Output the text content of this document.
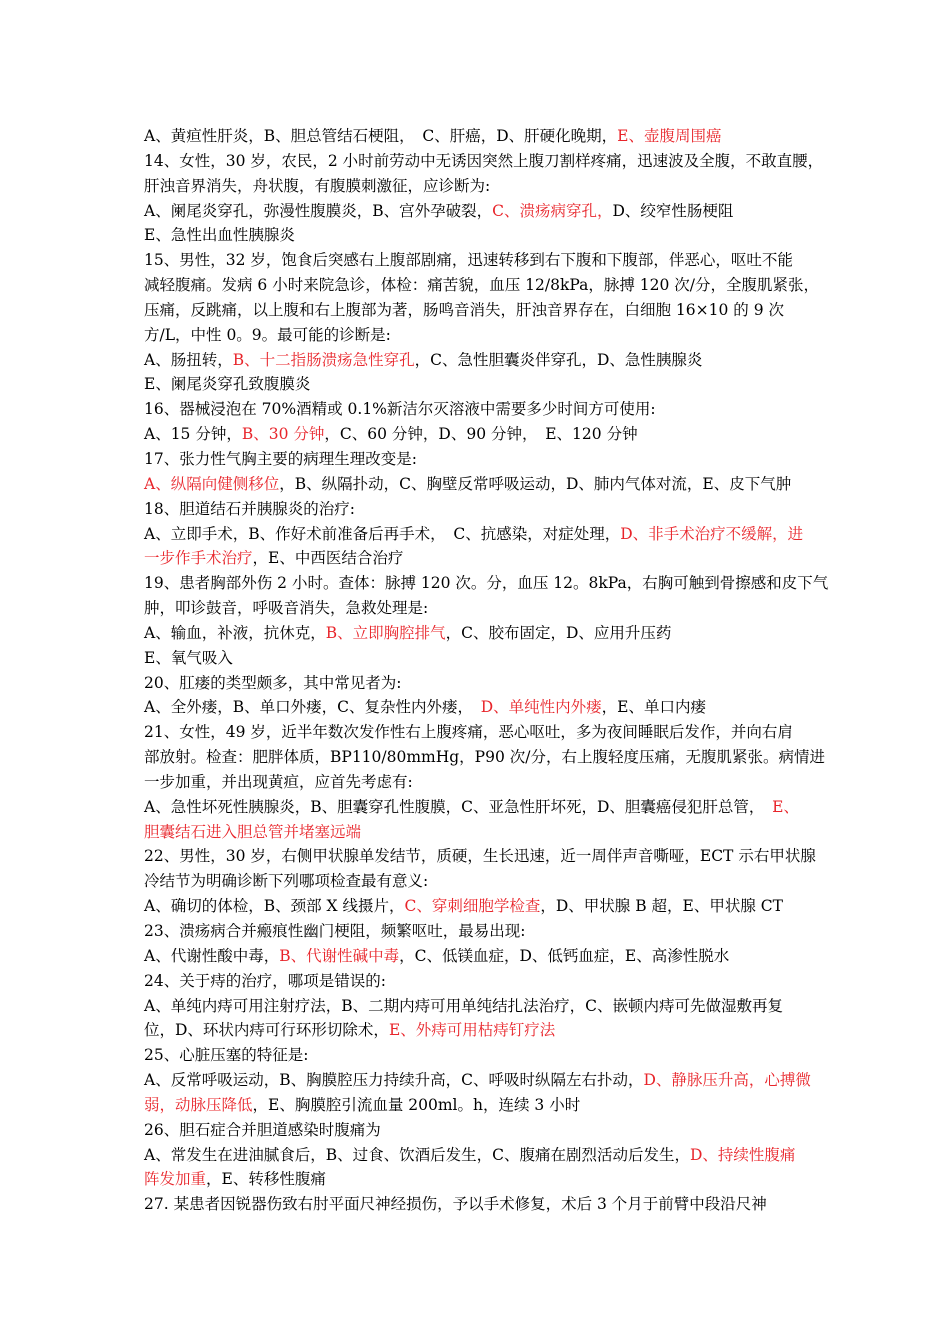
A、黄疸性肝炎，B、胆总管结石梗阻，　C、肝癌，D、肝硬化晚期，E、壶腹周围癌
14、女性，30 岁，农民，2 小时前劳动中无诱因突然上腹刀割样疼痛，迅速波及全腹，不敢直腰，
肝浊音界消失，舟状腹，有腹膜刺激征，应诊断为:
A、阑尾炎穿孔，弥漫性腹膜炎，B、宫外孕破裂，C、溃疡病穿孔，D、绞窄性肠梗阻
E、急性出血性胰腺炎
15、男性，32 岁，饱食后突感右上腹部剧痛，迅速转移到右下腹和下腹部，伴恶心，呕吐不能
减轻腹痛。发病 6 小时来院急诊，体检：痛苦貌，血压 12/8kPa，脉搏 120 次/分，全腹肌紧张，
压痛，反跳痛，以上腹和右上腹部为著，肠鸣音消失，肝浊音界存在，白细胞 16×10 的 9 次
方/L，中性 0。9。最可能的诊断是:
A、肠扭转，B、十二指肠溃疡急性穿孔，C、急性胆囊炎伴穿孔，D、急性胰腺炎
E、阑尾炎穿孔致腹膜炎
16、器械浸泡在 70%酒精或 0.1%新洁尔灭溶液中需要多少时间方可使用:
A、15 分钟，B、30 分钟，C、60 分钟，D、90 分钟，　E、120 分钟
17、张力性气胸主要的病理生理改变是:
A、纵隔向健侧移位，B、纵隔扑动，C、胸壁反常呼吸运动，D、肺内气体对流，E、皮下气肿
18、胆道结石并胰腺炎的治疗:
A、立即手术，B、作好术前准备后再手术，　C、抗感染，对症处理，D、非手术治疗不缓解，进
一步作手术治疗，E、中西医结合治疗
19、患者胸部外伤 2 小时。查体：脉搏 120 次。分，血压 12。8kPa，右胸可触到骨擦感和皮下气
肿，叩诊鼓音，呼吸音消失，急救处理是:
A、输血，补液，抗休克，B、立即胸腔排气，C、胶布固定，D、应用升压药
E、氧气吸入
20、肛瘘的类型颇多，其中常见者为:
A、全外瘘，B、单口外瘘，C、复杂性内外瘘，　D、单纯性内外瘘，E、单口内瘘
21、女性，49 岁，近半年数次发作性右上腹疼痛，恶心呕吐，多为夜间睡眠后发作，并向右肩
部放射。检查：肥胖体质，BP110/80mmHg，P90 次/分，右上腹轻度压痛，无腹肌紧张。病情进
一步加重，并出现黄疸，应首先考虑有:
A、急性坏死性胰腺炎，B、胆囊穿孔性腹膜，C、亚急性肝坏死，D、胆囊癌侵犯肝总管，　E、
胆囊结石进入胆总管并堵塞远端
22、男性，30 岁，右侧甲状腺单发结节，质硬，生长迅速，近一周伴声音嘶哑，ECT 示右甲状腺
冷结节为明确诊断下列哪项检查最有意义:
A、确切的体检，B、颈部 X 线摄片，C、穿刺细胞学检查，D、甲状腺 B 超，E、甲状腺 CT
23、溃疡病合并瘢痕性幽门梗阻，频繁呕吐，最易出现:
A、代谢性酸中毒，B、代谢性碱中毒，C、低镁血症，D、低钙血症，E、高渗性脱水
24、关于痔的治疗，哪项是错误的:
A、单纯内痔可用注射疗法，B、二期内痔可用单纯结扎法治疗，C、嵌顿内痔可先做湿敷再复
位，D、环状内痔可行环形切除术，E、外痔可用枯痔钉疗法
25、心脏压塞的特征是:
A、反常呼吸运动，B、胸膜腔压力持续升高，C、呼吸时纵隔左右扑动，D、静脉压升高，心搏微
弱，动脉压降低，E、胸膜腔引流血量 200ml。h，连续 3 小时
26、胆石症合并胆道感染时腹痛为
A、常发生在进油腻食后，B、过食、饮酒后发生，C、腹痛在剧烈活动后发生，D、持续性腹痛
阵发加重，E、转移性腹痛
27. 某患者因锐器伤致右肘平面尺神经损伤，予以手术修复，术后 3 个月于前臂中段沿尺神
